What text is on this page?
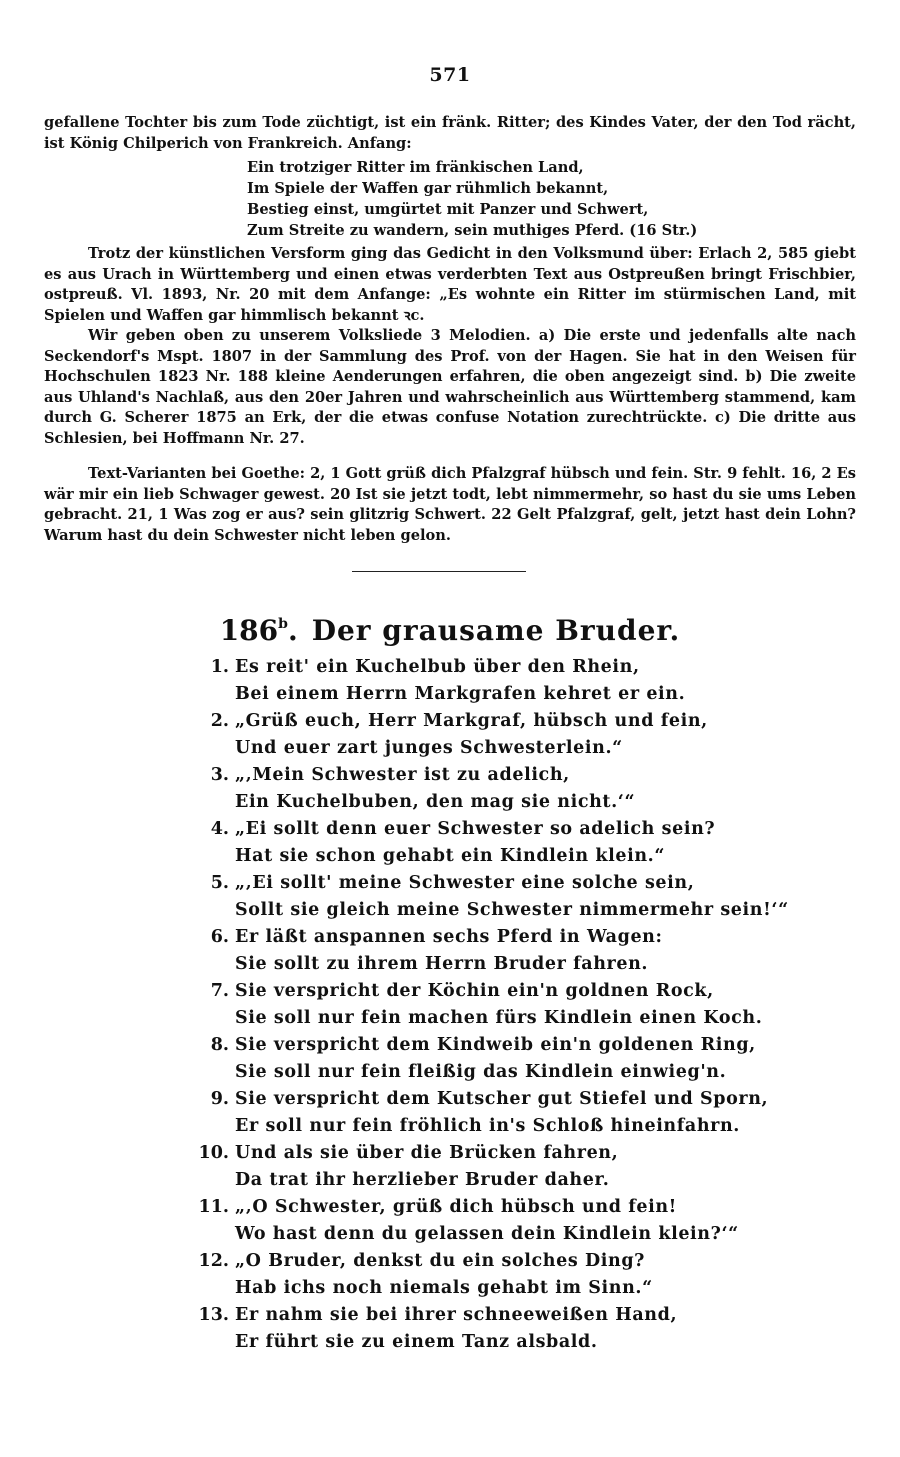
571

gefallene Tochter bis zum Tode züchtigt, ist ein fränk. Ritter; des Kindes Vater, der den Tod rächt, ist König Chilperich von Frankreich. Anfang:

Ein trotziger Ritter im fränkischen Land,
Im Spiele der Waffen gar rühmlich bekannt,
Bestieg einst, umgürtet mit Panzer und Schwert,
Zum Streite zu wandern, sein muthiges Pferd. (16 Str.)

Trotz der künstlichen Versform ging das Gedicht in den Volksmund über: Erlach 2, 585 giebt es aus Urach in Württemberg und einen etwas verderbten Text aus Ostpreußen bringt Frischbier, ostpreuß. Vl. 1893, Nr. 20 mit dem Anfange: „Es wohnte ein Ritter im stürmischen Land, mit Spielen und Waffen gar himmlisch bekannt ꝛc.

Wir geben oben zu unserem Volksliede 3 Melodien. a) Die erste und jedenfalls alte nach Seckendorf's Mspt. 1807 in der Sammlung des Prof. von der Hagen. Sie hat in den Weisen für Hochschulen 1823 Nr. 188 kleine Aenderungen erfahren, die oben angezeigt sind. b) Die zweite aus Uhland's Nachlaß, aus den 20er Jahren und wahrscheinlich aus Württemberg stammend, kam durch G. Scherer 1875 an Erk, der die etwas confuse Notation zurechtrückte. c) Die dritte aus Schlesien, bei Hoffmann Nr. 27.

Text-Varianten bei Goethe: 2, 1 Gott grüß dich Pfalzgraf hübsch und fein. Str. 9 fehlt. 16, 2 Es wär mir ein lieb Schwager gewest. 20 Ist sie jetzt todt, lebt nimmermehr, so hast du sie ums Leben gebracht. 21, 1 Was zog er aus? sein glitzrig Schwert. 22 Gelt Pfalzgraf, gelt, jetzt hast dein Lohn? Warum hast du dein Schwester nicht leben gelon.

186$^b$. Der grausame Bruder.
1. Es reit' ein Kuchelbub über den Rhein,
Bei einem Herrn Markgrafen kehret er ein.
2. „Grüß euch, Herr Markgraf, hübsch und fein,
Und euer zart junges Schwesterlein.“
3. „‚Mein Schwester ist zu adelich,
Ein Kuchelbuben, den mag sie nicht.‘“
4. „Ei sollt denn euer Schwester so adelich sein?
Hat sie schon gehabt ein Kindlein klein.“
5. „‚Ei sollt' meine Schwester eine solche sein,
Sollt sie gleich meine Schwester nimmermehr sein!‘“
6. Er läßt anspannen sechs Pferd in Wagen:
Sie sollt zu ihrem Herrn Bruder fahren.
7. Sie verspricht der Köchin ein'n goldnen Rock,
Sie soll nur fein machen fürs Kindlein einen Koch.
8. Sie verspricht dem Kindweib ein'n goldenen Ring,
Sie soll nur fein fleißig das Kindlein einwieg'n.
9. Sie verspricht dem Kutscher gut Stiefel und Sporn,
Er soll nur fein fröhlich in's Schloß hineinfahrn.
10. Und als sie über die Brücken fahren,
Da trat ihr herzlieber Bruder daher.
11. „‚O Schwester, grüß dich hübsch und fein!
Wo hast denn du gelassen dein Kindlein klein?‘“
12. „O Bruder, denkst du ein solches Ding?
Hab ichs noch niemals gehabt im Sinn.“
13. Er nahm sie bei ihrer schneeweißen Hand,
Er führt sie zu einem Tanz alsbald.
